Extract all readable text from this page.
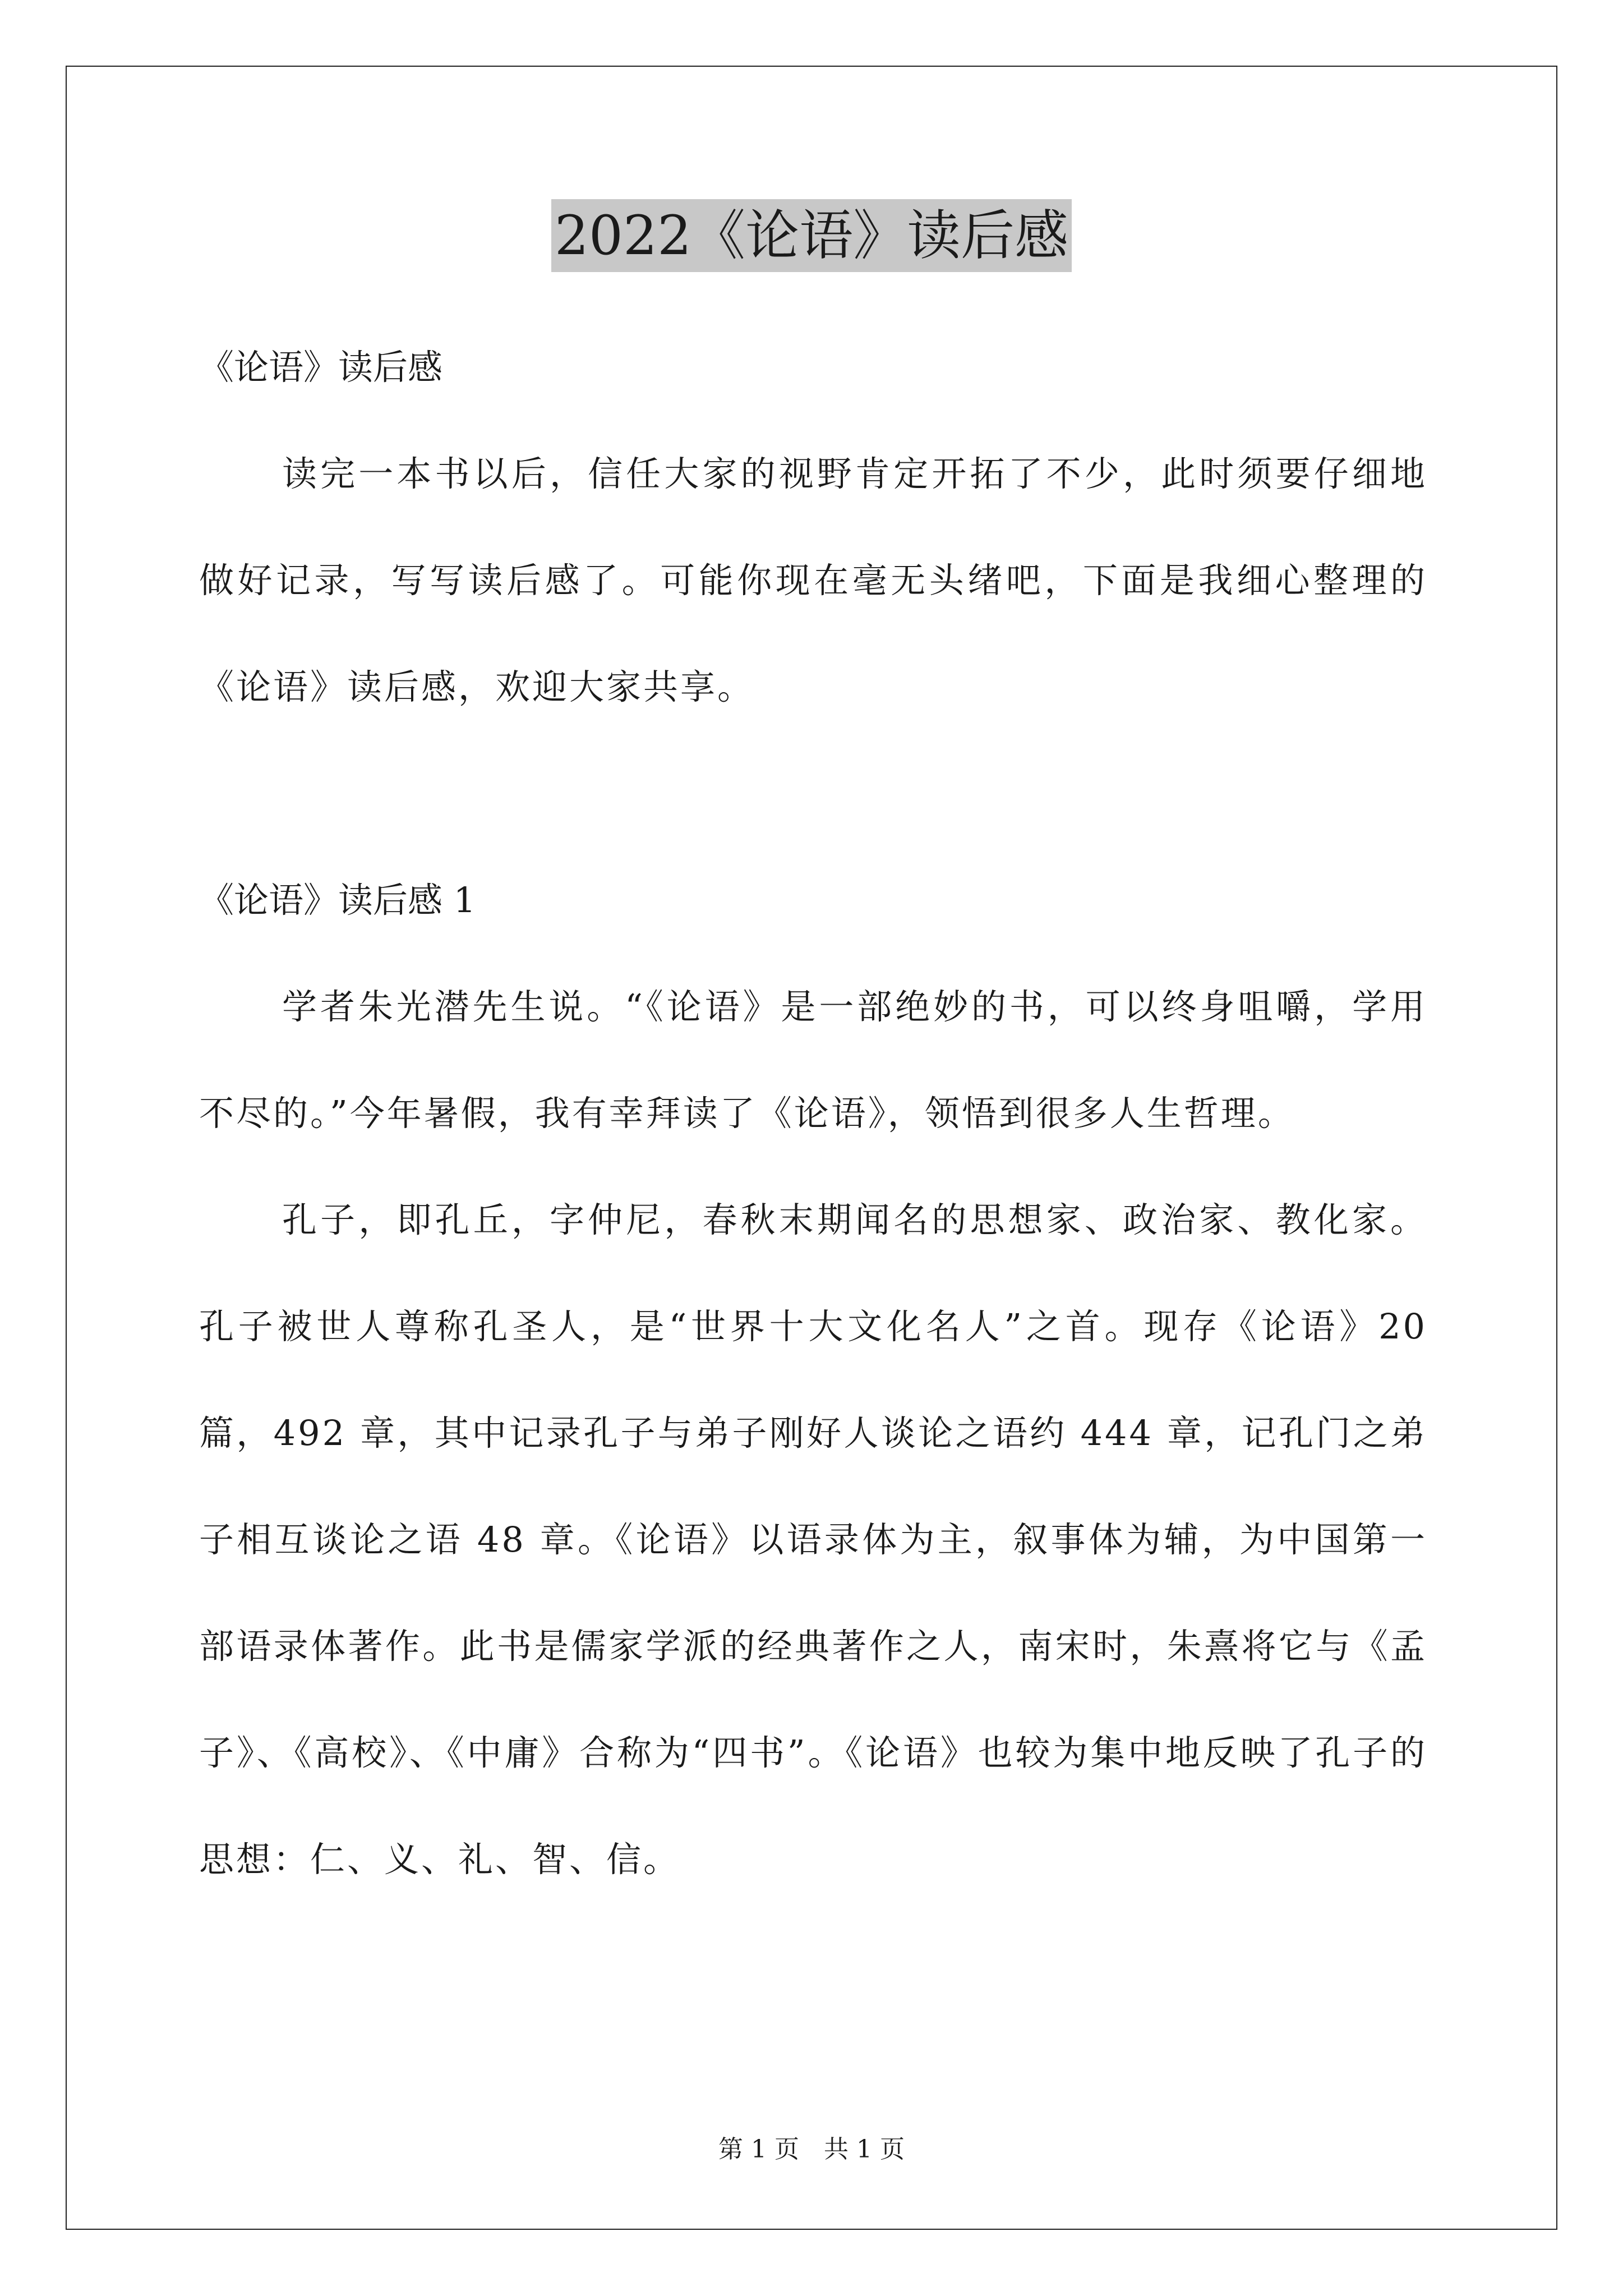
2022《论语》读后感

《论语》读后感

读完一本书以后，信任大家的视野肯定开拓了不少，此时须要仔细地做好记录，写写读后感了。可能你现在毫无头绪吧，下面是我细心整理的《论语》读后感，欢迎大家共享。

《论语》读后感 1

学者朱光潜先生说。“《论语》是一部绝妙的书，可以终身咀嚼，学用不尽的。”今年暑假，我有幸拜读了《论语》，领悟到很多人生哲理。

孔子，即孔丘，字仲尼，春秋末期闻名的思想家、政治家、教化家。孔子被世人尊称孔圣人，是“世界十大文化名人”之首。现存《论语》20 篇，492 章，其中记录孔子与弟子刚好人谈论之语约 444 章，记孔门之弟子相互谈论之语 48 章。《论语》以语录体为主，叙事体为辅，为中国第一部语录体著作。此书是儒家学派的经典著作之人，南宋时，朱熹将它与《孟子》、《高校》、《中庸》合称为“四书”。《论语》也较为集中地反映了孔子的思想：仁、义、礼、智、信。

第 1 页　共 1 页
